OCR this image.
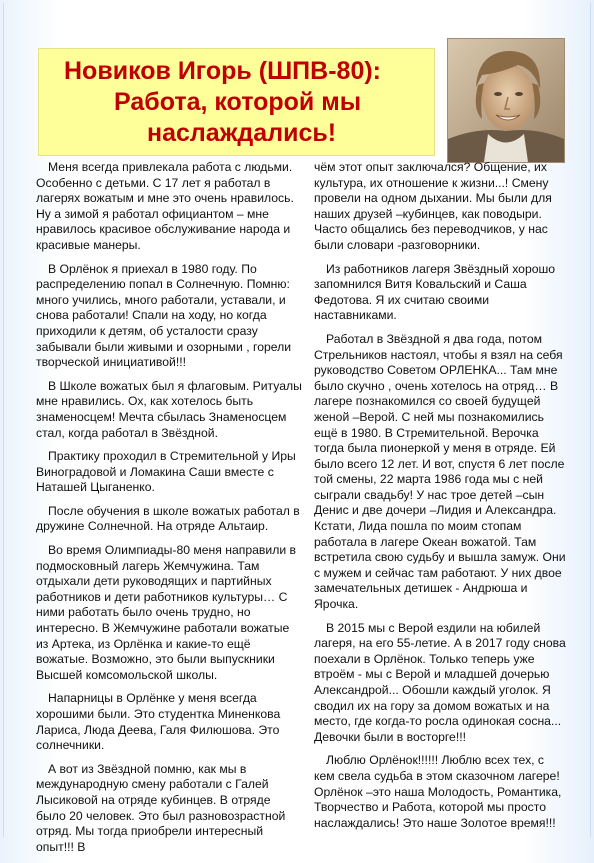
Новиков Игорь (ШПВ-80):
Работа, которой мы
наслаждались!

Меня всегда привлекала работа с людьми. Особенно с детьми. С 17 лет я работал в лагерях вожатым и мне это очень нравилось. Ну а зимой я работал официантом – мне нравилось красивое обслуживание народа и красивые манеры.

В Орлёнок я приехал в 1980 году. По распределению попал в Солнечную. Помню: много учились, много работали, уставали, и снова работали! Спали на ходу, но когда приходили к детям, об усталости сразу забывали были живыми и озорными , горели творческой инициативой!!!

В Школе вожатых был я флаговым. Ритуалы мне нравились. Ох, как хотелось быть знаменосцем! Мечта сбылась Знаменосцем стал, когда работал в Звёздной.

Практику проходил в Стремительной у Иры Виноградовой и Ломакина Саши вместе с Наташей Цыганенко.

После обучения в школе вожатых работал в дружине Солнечной. На отряде Альтаир.

Во время Олимпиады-80 меня направили в подмосковный лагерь Жемчужина. Там отдыхали дети руководящих и партийных работников и дети работников культуры… С ними работать было очень трудно, но интересно. В Жемчужине работали вожатые из Артека, из Орлёнка и какие-то ещё вожатые. Возможно, это были выпускники Высшей комсомольской школы.

Напарницы в Орлёнке у меня всегда хорошими были. Это студентка Миненкова Лариса, Люда Деева, Галя Филюшова. Это солнечники.

А вот из Звёздной помню, как мы в международную смену работали с Галей Лысиковой на отряде кубинцев. В отряде было 20 человек. Это был разновозрастной отряд. Мы тогда приобрели интересный опыт!!! В

чём этот опыт заключался? Общение, их культура, их отношение к жизни...! Смену провели на одном дыхании. Мы были для наших друзей –кубинцев, как поводыри. Часто общались без переводчиков, у нас были словари -разговорники.

Из работников лагеря Звёздный хорошо запомнился Витя Ковальский и Саша Федотова. Я их считаю своими наставниками.

Работал в Звёздной я два года, потом Стрельников настоял, чтобы я взял на себя руководство Советом ОРЛЕНКА... Там мне было скучно , очень хотелось на отряд… В лагере познакомился со своей будущей женой –Верой. С ней мы познакомились ещё в 1980. В Стремительной. Верочка тогда была пионеркой у меня в отряде. Ей было всего 12 лет. И вот, спустя 6 лет после той смены, 22 марта 1986 года мы с ней сыграли свадьбу! У нас трое детей –сын Денис и две дочери –Лидия и Александра. Кстати, Лида пошла по моим стопам работала в лагере Океан вожатой. Там встретила свою судьбу и вышла замуж. Они с мужем и сейчас там работают. У них двое замечательных детишек - Андрюша и Ярочка.

В 2015 мы с Верой ездили на юбилей лагеря, на его 55-летие. А в 2017 году снова поехали в Орлёнок. Только теперь уже втроём - мы с Верой и младшей дочерью Александрой... Обошли каждый уголок. Я сводил их на гору за домом вожатых и на место, где когда-то росла одинокая сосна... Девочки были в восторге!!!

Люблю Орлёнок!!!!!! Люблю всех тех, с кем свела судьба в этом сказочном лагере! Орлёнок –это наша Молодость, Романтика, Творчество и Работа, которой мы просто наслаждались! Это наше Золотое время!!!
